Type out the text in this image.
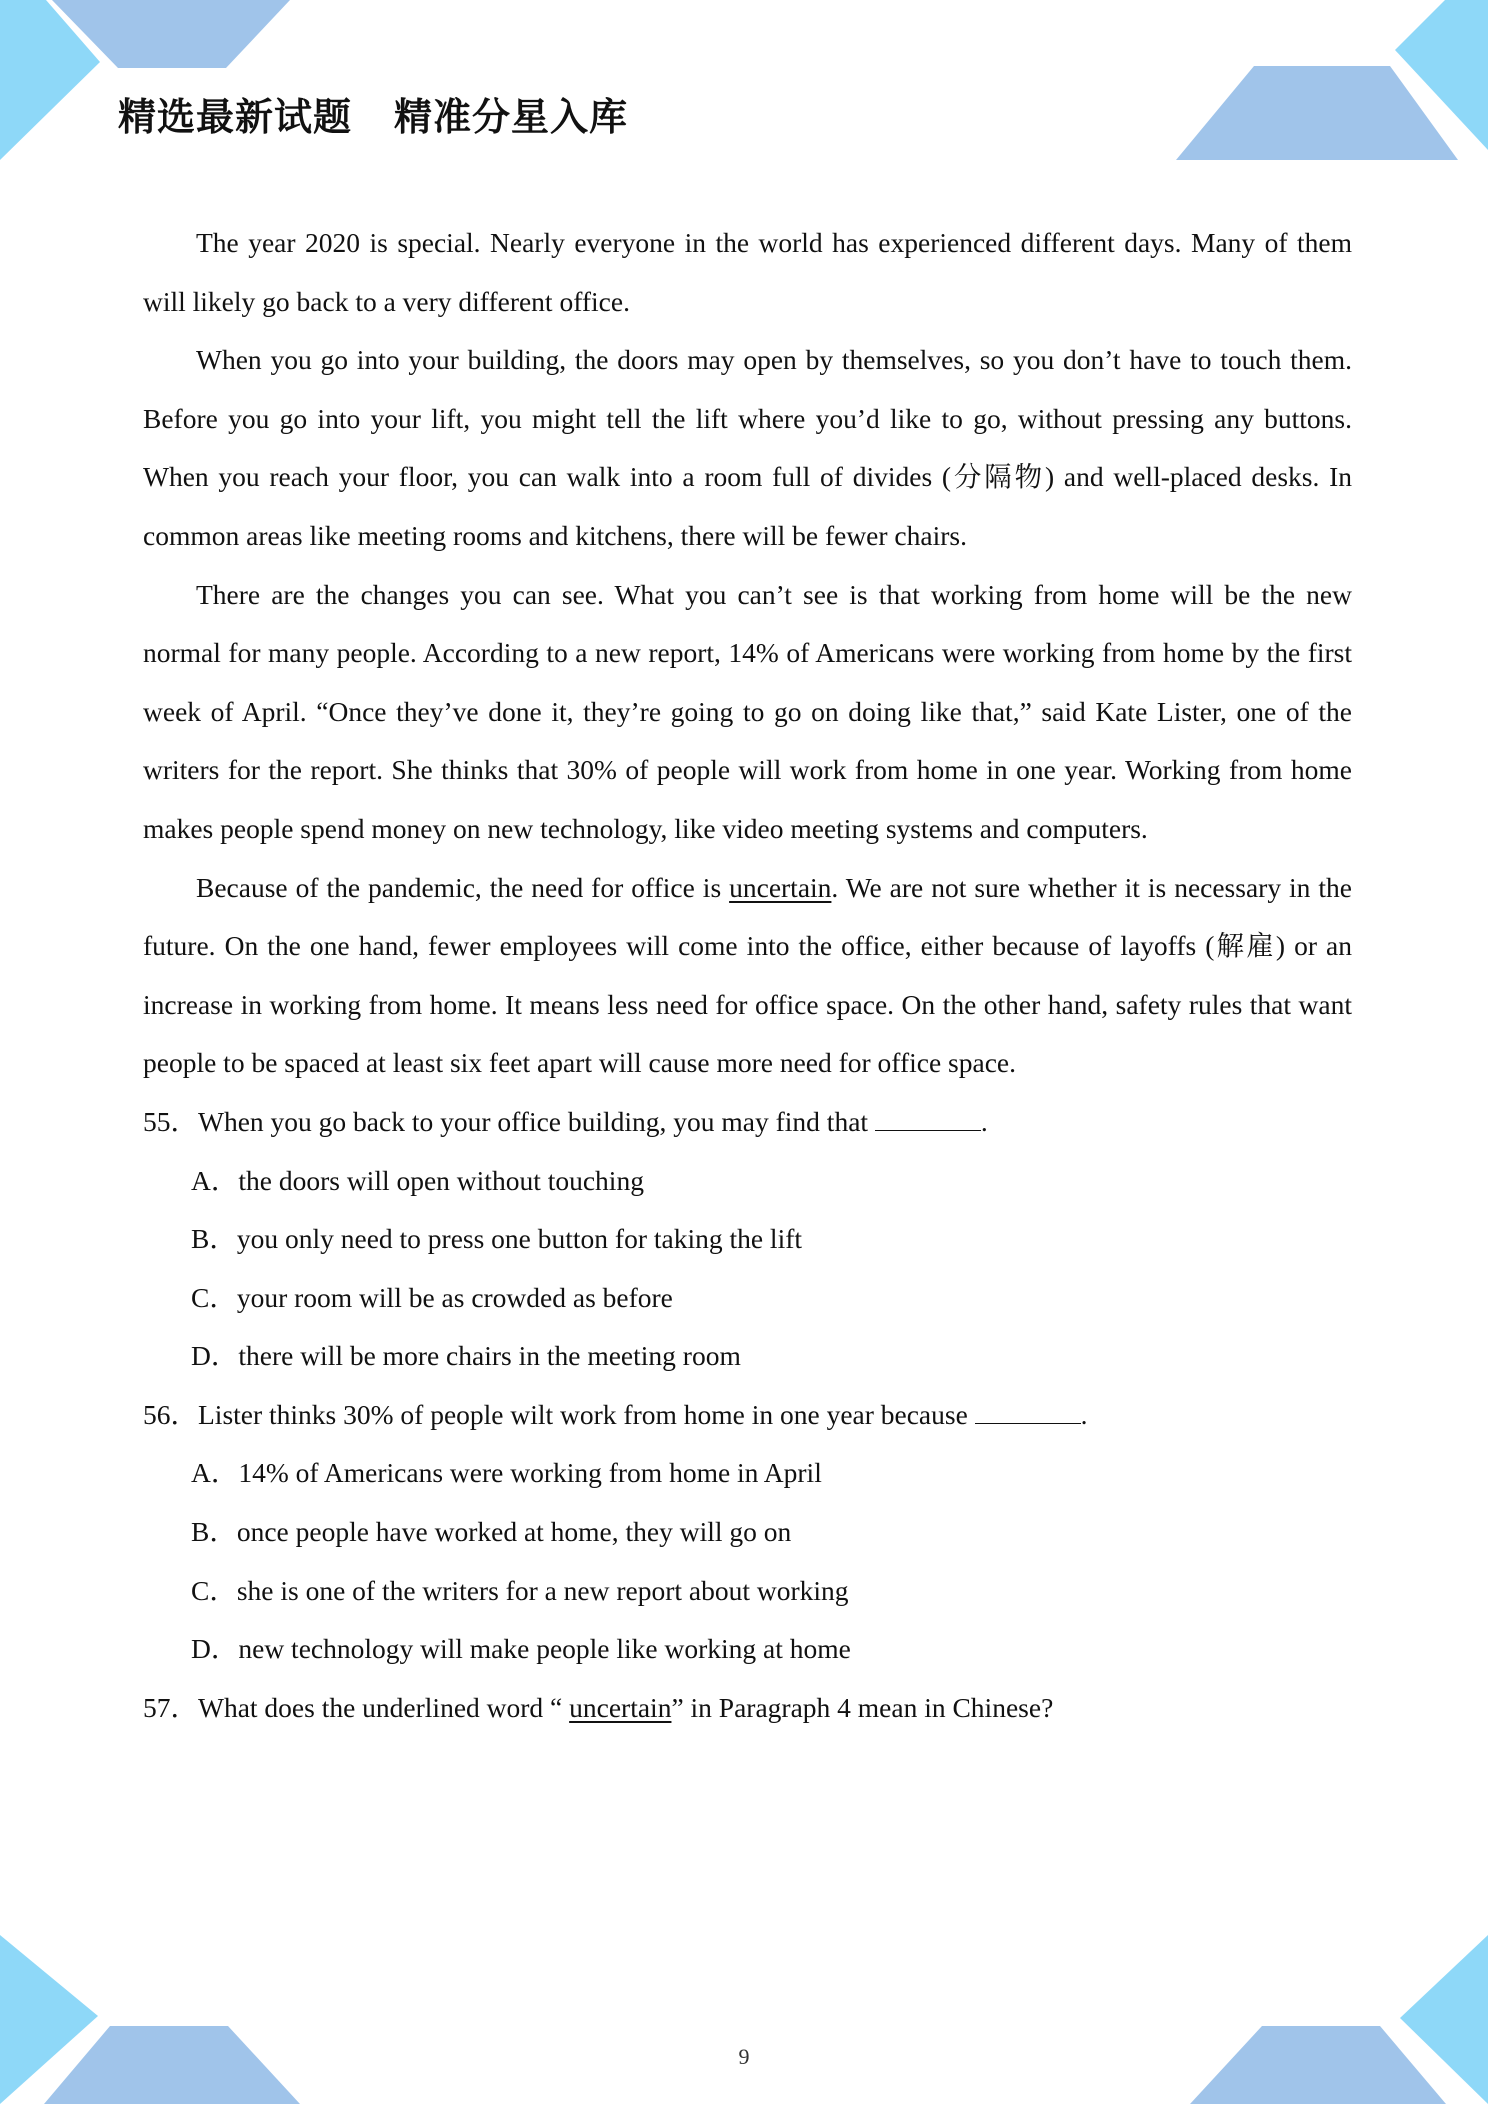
精选最新试题 精准分星入库

The year 2020 is special. Nearly everyone in the world has experienced different days. Many of them will likely go back to a very different office.

When you go into your building, the doors may open by themselves, so you don’t have to touch them. Before you go into your lift, you might tell the lift where you’d like to go, without pressing any buttons. When you reach your floor, you can walk into a room full of divides (分隔物) and well-placed desks. In common areas like meeting rooms and kitchens, there will be fewer chairs.

There are the changes you can see. What you can’t see is that working from home will be the new normal for many people. According to a new report, 14% of Americans were working from home by the first week of April. “Once they’ve done it, they’re going to go on doing like that,” said Kate Lister, one of the writers for the report. She thinks that 30% of people will work from home in one year. Working from home makes people spend money on new technology, like video meeting systems and computers.

Because of the pandemic, the need for office is uncertain. We are not sure whether it is necessary in the future. On the one hand, fewer employees will come into the office, either because of layoffs (解雇) or an increase in working from home. It means less need for office space. On the other hand, safety rules that want people to be spaced at least six feet apart will cause more need for office space.

55．When you go back to your office building, you may find that	.

A．the doors will open without touching

B．you only need to press one button for taking the lift

C．your room will be as crowded as before

D．there will be more chairs in the meeting room

56．Lister thinks 30% of people wilt work from home in one year because	.

A．14% of Americans were working from home in April

B．once people have worked at home, they will go on

C．she is one of the writers for a new report about working

D．new technology will make people like working at home

57．What does the underlined word “ uncertain” in Paragraph 4 mean in Chinese?

9
